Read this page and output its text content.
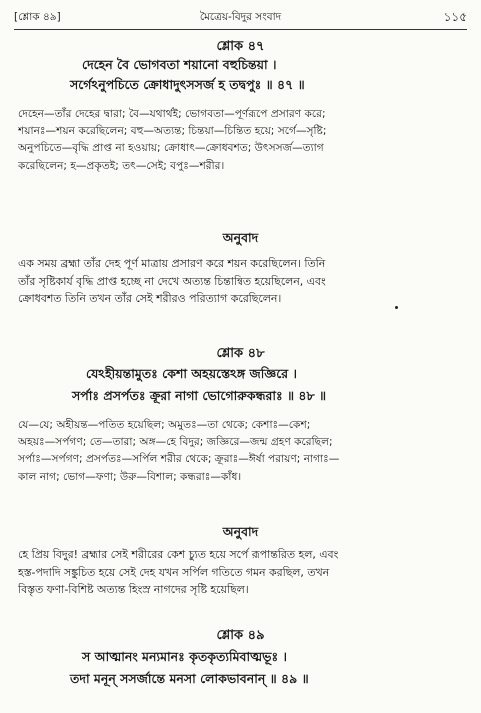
[শ্লোক ৪৯]	মৈত্রেয়-বিদুর সংবাদ	১১৫
শ্লোক ৪৭
দেহেন বৈ ভোগবতা শয়ানো বহুচিন্তয়া ।
সর্গেঽনুপচিতে ক্রোধাদুৎসসর্জ হ তদ্বপুঃ ॥ ৪৭ ॥
দেহেন—তাঁর দেহের দ্বারা; বৈ—যথার্থই; ভোগবতা—পূর্ণরূপে প্রসারণ করে;
শয়ানঃ—শয়ন করেছিলেন; বহু—অত্যন্ত; চিন্তয়া—চিন্তিত হয়ে; সর্গে—সৃষ্টি;
অনুপচিতে—বৃদ্ধি প্রাপ্ত না হওয়ায়; ক্রোধাৎ—ক্রোধবশত; উৎসসর্জ—ত্যাগ
করেছিলেন; হ—প্রকৃতই; তৎ—সেই; বপুঃ—শরীর।
অনুবাদ
এক সময় ব্রহ্মা তাঁর দেহ পূর্ণ মাত্রায় প্রসারণ করে শয়ন করেছিলেন। তিনি
তাঁর সৃষ্টিকার্য বৃদ্ধি প্রাপ্ত হচ্ছে না দেখে অত্যন্ত চিন্তান্বিত হয়েছিলেন, এবং
ক্রোধবশত তিনি তখন তাঁর সেই শরীরও পরিত্যাগ করেছিলেন।
শ্লোক ৪৮
যেঽহীয়ন্তামুতঃ কেশা অহয়স্তেঽঙ্গ জজ্ঞিরে ।
সর্পাঃ প্রসর্পতঃ ক্রূরা নাগা ভোগোরুকন্ধরাঃ ॥ ৪৮ ॥
যে—যে; অহীয়ন্ত—পতিত হয়েছিল; অমুতঃ—তা থেকে; কেশাঃ—কেশ;
অহয়ঃ—সর্পগণ; তে—তারা; অঙ্গ—হে বিদুর; জজ্ঞিরে—জন্ম গ্রহণ করেছিল;
সর্পাঃ—সর্পগণ; প্রসর্পতঃ—সর্পিল শরীর থেকে; ক্রূরাঃ—ঈর্ষা পরায়ণ; নাগাঃ—
কাল নাগ; ভোগ—ফণা; উরু—বিশাল; কন্ধরাঃ—কাঁধ।
অনুবাদ
হে প্রিয় বিদুর! ব্রহ্মার সেই শরীরের কেশ চ্যুত হয়ে সর্পে রূপান্তরিত হল, এবং
হস্ত-পদাদি সঙ্কুচিত হয়ে সেই দেহ যখন সর্পিল গতিতে গমন করছিল, তখন
বিস্তৃত ফণা-বিশিষ্ট অত্যন্ত হিংস্র নাগদের সৃষ্টি হয়েছিল।
শ্লোক ৪৯
স আত্মানং মন্যমানঃ কৃতকৃত্যমিবাত্মভূঃ ।
তদা মনূন্ সসর্জান্তে মনসা লোকভাবনান্ ॥ ৪৯ ॥
